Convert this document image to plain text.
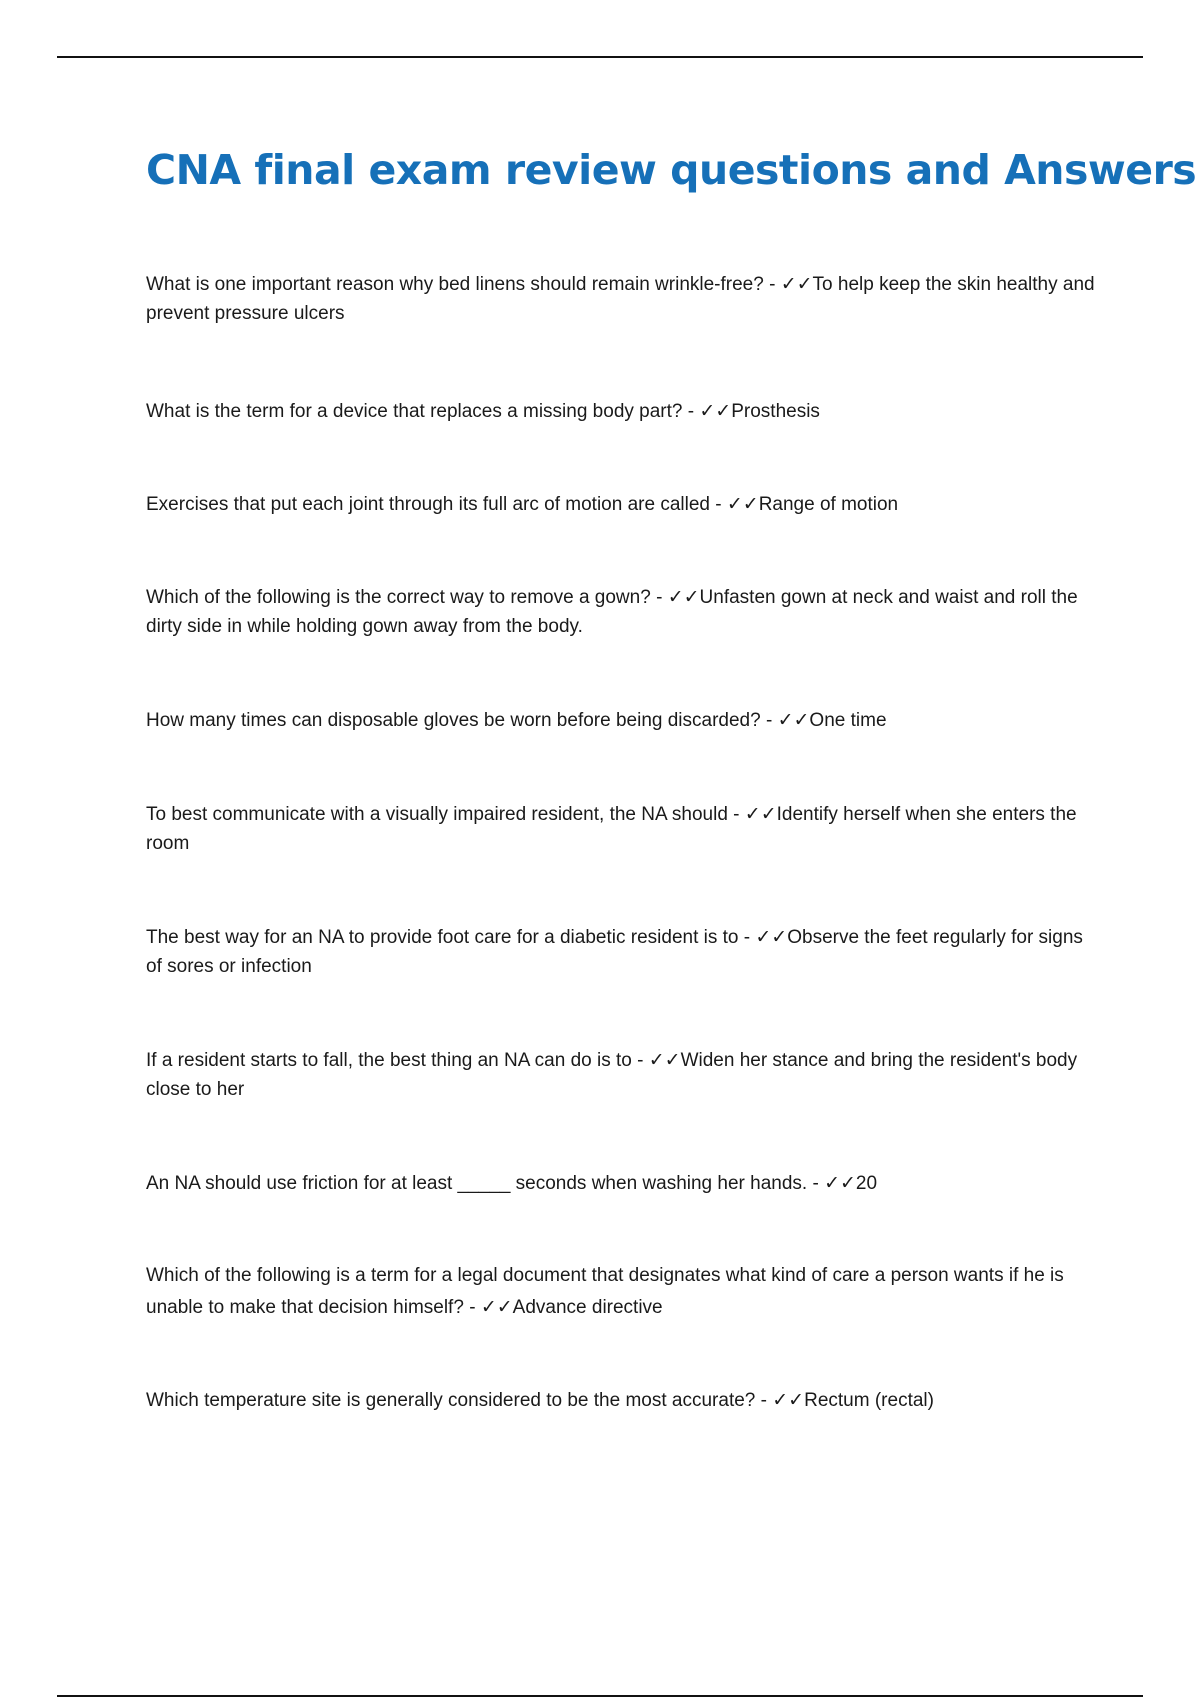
CNA final exam review questions and Answers

What is one important reason why bed linens should remain wrinkle-free? - ✓✓To help keep the skin healthy and prevent pressure ulcers

What is the term for a device that replaces a missing body part? - ✓✓Prosthesis

Exercises that put each joint through its full arc of motion are called - ✓✓Range of motion

Which of the following is the correct way to remove a gown? - ✓✓Unfasten gown at neck and waist and roll the dirty side in while holding gown away from the body.

How many times can disposable gloves be worn before being discarded? - ✓✓One time

To best communicate with a visually impaired resident, the NA should - ✓✓Identify herself when she enters the room

The best way for an NA to provide foot care for a diabetic resident is to - ✓✓Observe the feet regularly for signs of sores or infection

If a resident starts to fall, the best thing an NA can do is to - ✓✓Widen her stance and bring the resident's body close to her

An NA should use friction for at least _____ seconds when washing her hands. - ✓✓20

Which of the following is a term for a legal document that designates what kind of care a person wants if he is unable to make that decision himself? - ✓✓Advance directive

Which temperature site is generally considered to be the most accurate? - ✓✓Rectum (rectal)
